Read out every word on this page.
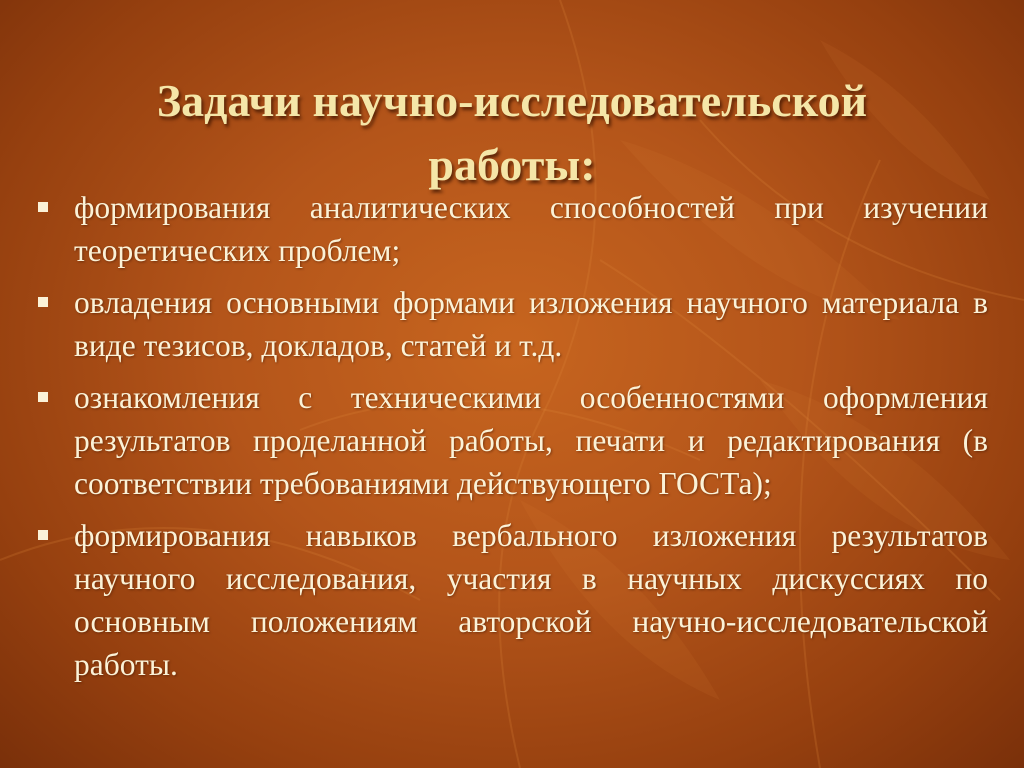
Задачи научно-исследовательской
работы:
формирования аналитических способностей при изучении теоретических проблем;
овладения основными формами изложения научного материала в виде тезисов, докладов, статей и т.д.
ознакомления с техническими особенностями оформления результатов проделанной работы, печати и редактирования (в соответствии требованиями действующего ГОСТа);
формирования навыков вербального изложения результатов научного исследования, участия в научных дискуссиях по основным положениям авторской научно-исследовательской работы.
